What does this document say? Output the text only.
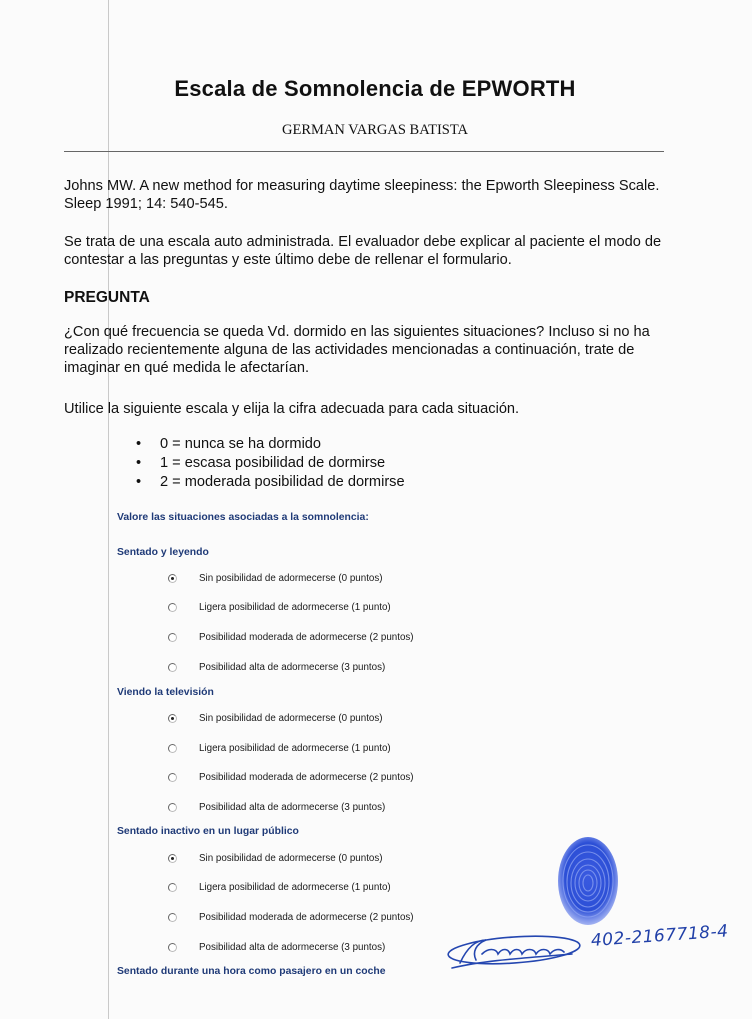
Escala de Somnolencia de EPWORTH
GERMAN VARGAS BATISTA
Johns MW. A new method for measuring daytime sleepiness: the Epworth Sleepiness Scale. Sleep 1991; 14: 540-545.
Se trata de una escala auto administrada. El evaluador debe explicar al paciente el modo de contestar a las preguntas y este último debe de rellenar el formulario.
PREGUNTA
¿Con qué frecuencia se queda Vd. dormido en las siguientes situaciones? Incluso si no ha realizado recientemente alguna de las actividades mencionadas a continuación, trate de imaginar en qué medida le afectarían.
Utilice la siguiente escala y elija la cifra adecuada para cada situación.
• 0 = nunca se ha dormido
• 1 = escasa posibilidad de dormirse
• 2 = moderada posibilidad de dormirse
Valore las situaciones asociadas a la somnolencia:
Sentado y leyendo
Sin posibilidad de adormecerse (0 puntos)
Ligera posibilidad de adormecerse (1 punto)
Posibilidad moderada de adormecerse (2 puntos)
Posibilidad alta de adormecerse (3 puntos)
Viendo la televisión
Sin posibilidad de adormecerse (0 puntos)
Ligera posibilidad de adormecerse (1 punto)
Posibilidad moderada de adormecerse (2 puntos)
Posibilidad alta de adormecerse (3 puntos)
Sentado inactivo en un lugar público
Sin posibilidad de adormecerse (0 puntos)
Ligera posibilidad de adormecerse (1 punto)
Posibilidad moderada de adormecerse (2 puntos)
Posibilidad alta de adormecerse (3 puntos)
Sentado durante una hora como pasajero en un coche
402-2167718-4
